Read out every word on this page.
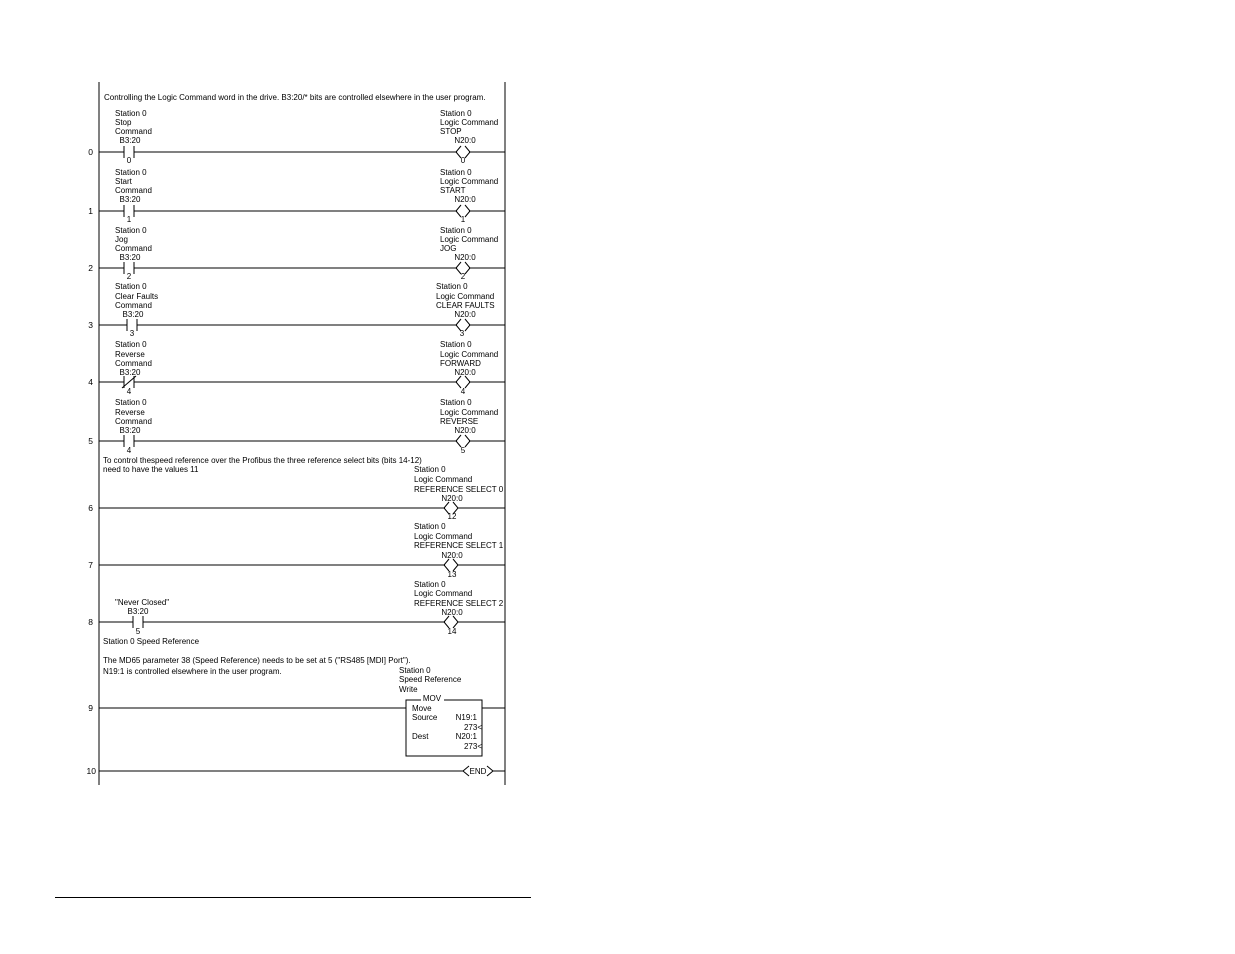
Controlling the Logic Command word in the drive. B3:20/* bits are controlled elsewhere in the user program.
0
Station 0
Stop
Command
B3:20
0
Station 0
Logic Command
STOP
N20:0
0
1
Station 0
Start
Command
B3:20
1
Station 0
Logic Command
START
N20:0
1
2
Station 0
Jog
Command
B3:20
2
Station 0
Logic Command
JOG
N20:0
2
3
Station 0
Clear Faults
Command
B3:20
3
Station 0
Logic Command
CLEAR FAULTS
N20:0
3
4
Station 0
Reverse
Command
B3:20
4
Station 0
Logic Command
FORWARD
N20:0
4
5
Station 0
Reverse
Command
B3:20
4
Station 0
Logic Command
REVERSE
N20:0
5
To control thespeed reference over the Profibus the three reference select bits (bits 14-12)
need to have the values 11
6
Station 0
Logic Command
REFERENCE SELECT 0
N20:0
12
7
Station 0
Logic Command
REFERENCE SELECT 1
N20:0
13
8
"Never Closed"
B3:20
5
Station 0
Logic Command
REFERENCE SELECT 2
N20:0
14
Station 0 Speed Reference
The MD65 parameter 38 (Speed Reference) needs to be set at 5 ("RS485 [MDI] Port").
N19:1 is controlled elsewhere in the user program.
9
Station 0
Speed Reference
Write
MOV
Move
Source N19:1
273<
Dest	N20:1
273<
10	END
